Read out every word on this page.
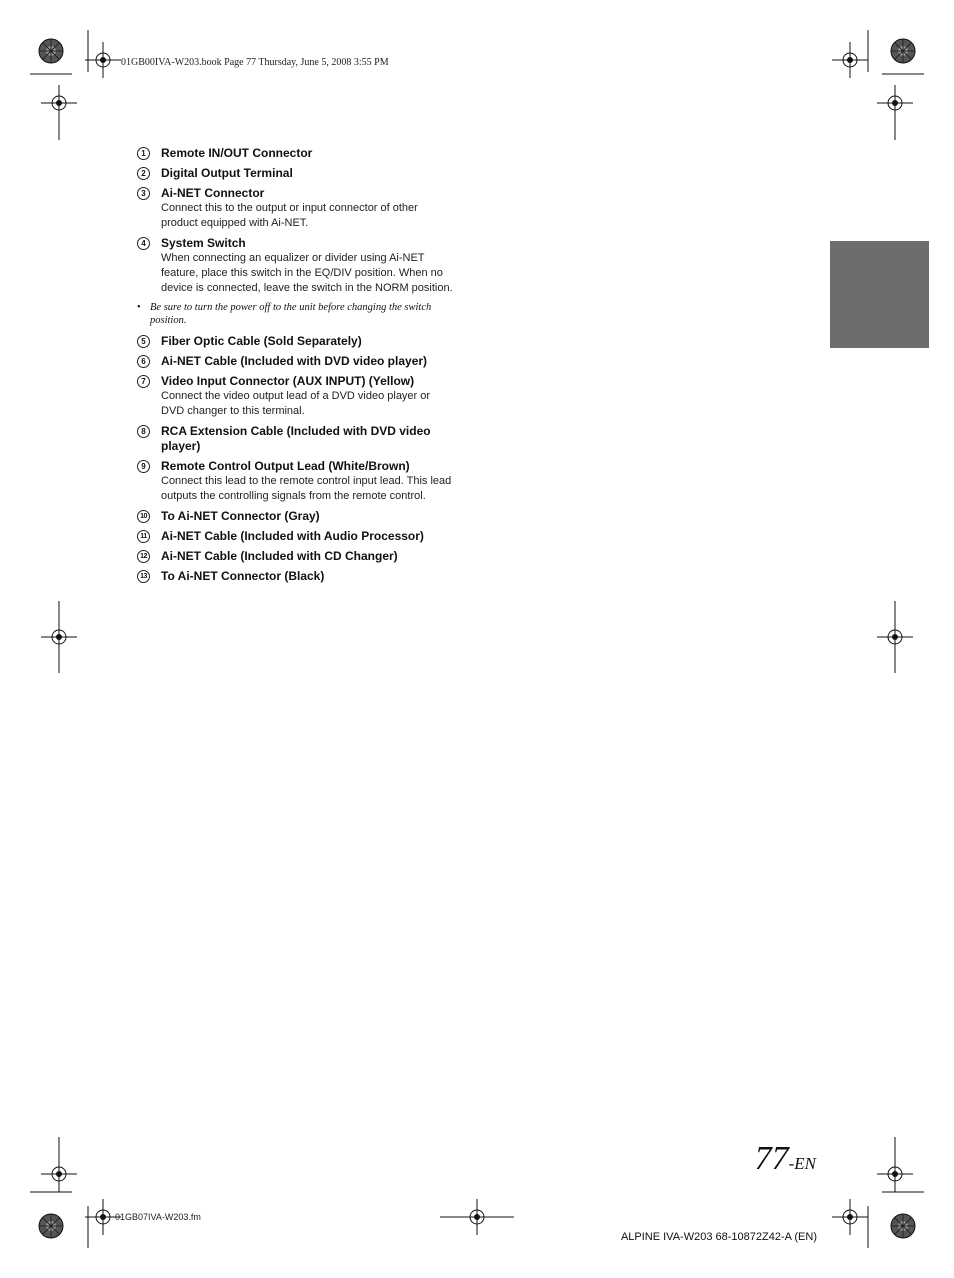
01GB00IVA-W203.book Page 77 Thursday, June 5, 2008 3:55 PM
1	Remote IN/OUT Connector
2	Digital Output Terminal
3	Ai-NET Connector
Connect this to the output or input connector of other
product equipped with Ai-NET.
4	System Switch
When connecting an equalizer or divider using Ai-NET
feature, place this switch in the EQ/DIV position. When no
device is connected, leave the switch in the NORM position.
• Be sure to turn the power off to the unit before changing the switch
position.
5	Fiber Optic Cable (Sold Separately)
6	Ai-NET Cable (Included with DVD video player)
7	Video Input Connector (AUX INPUT) (Yellow)
Connect the video output lead of a DVD video player or
DVD changer to this terminal.
8	RCA Extension Cable (Included with DVD video player)
9	Remote Control Output Lead (White/Brown)
Connect this lead to the remote control input lead. This lead
outputs the controlling signals from the remote control.
10 To Ai-NET Connector (Gray)
11 Ai-NET Cable (Included with Audio Processor)
12 Ai-NET Cable (Included with CD Changer)
13 To Ai-NET Connector (Black)
77-EN
01GB07IVA-W203.fm
ALPINE IVA-W203 68-10872Z42-A (EN)
